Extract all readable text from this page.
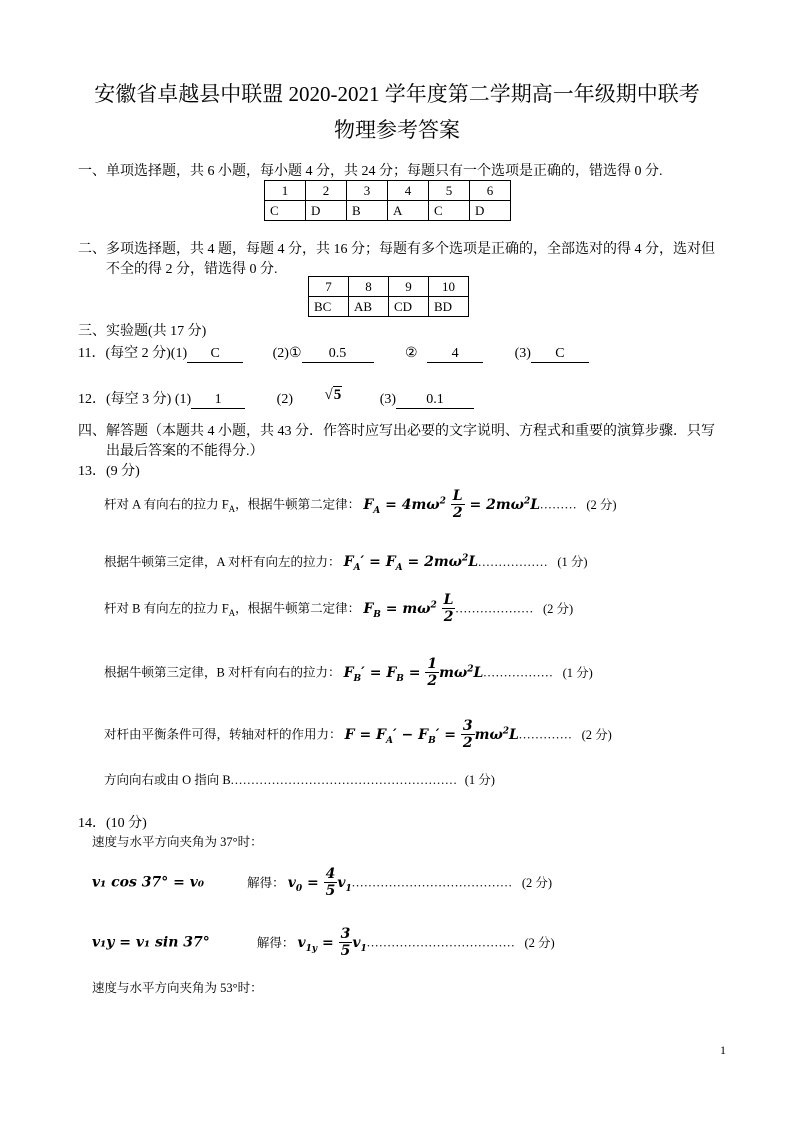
安徽省卓越县中联盟 2020-2021 学年度第二学期高一年级期中联考
物理参考答案
一、单项选择题，共 6 小题，每小题 4 分，共 24 分；每题只有一个选项是正确的，错选得 0 分.
1	2	3	4	5	6
C	D	B	A	C	D
二、多项选择题，共 4 题，每题 4 分，共 16 分；每题有多个选项是正确的，全部选对的得 4 分，选对但
不全的得 2 分，错选得 0 分.
7	8	9	10
BC	AB	CD	BD
三、实验题(共 17 分)
11．(每空 2 分)(1) C	(2)① 0.5	② 4	(3) C
12．(每空 3 分) (1) 1	(2) √5	(3) 0.1
四、解答题（本题共 4 小题，共 43 分．作答时应写出必要的文字说明、方程式和重要的演算步骤．只写
出最后答案的不能得分.）
13．(9 分)
杆对 A 有向右的拉力 $F_A$，根据牛顿第二定律： $F_A = 4m\omega^2 \frac{L}{2} = 2m\omega^2L$......... (2 分)
根据牛顿第三定律，A 对杆有向左的拉力： $F_A' = F_A = 2m\omega^2L$................. (1 分)
杆对 B 有向左的拉力 $F_A$，根据牛顿第二定律： $F_B = m\omega^2 \frac{L}{2}$ ................... (2 分)
根据牛顿第三定律，B 对杆有向右的拉力： $F_B' = F_B = \frac{1}{2} m\omega^2L$................. (1 分)
对杆由平衡条件可得，转轴对杆的作用力： $F = F_A' - F_B' = \frac{3}{2} m\omega^2L$............. (2 分)
方向向右或由 O 指向 B....................................................... (1 分)
14．(10 分)
速度与水平方向夹角为 37°时：
v₁ cos 37° = v₀	解得： $v_0 = \frac{4}{5} v_1$....................................... (2 分)
v₁y = v₁ sin 37°	解得： $v_{1y} = \frac{3}{5} v_1$.................................... (2 分)
速度与水平方向夹角为 53°时：
1
